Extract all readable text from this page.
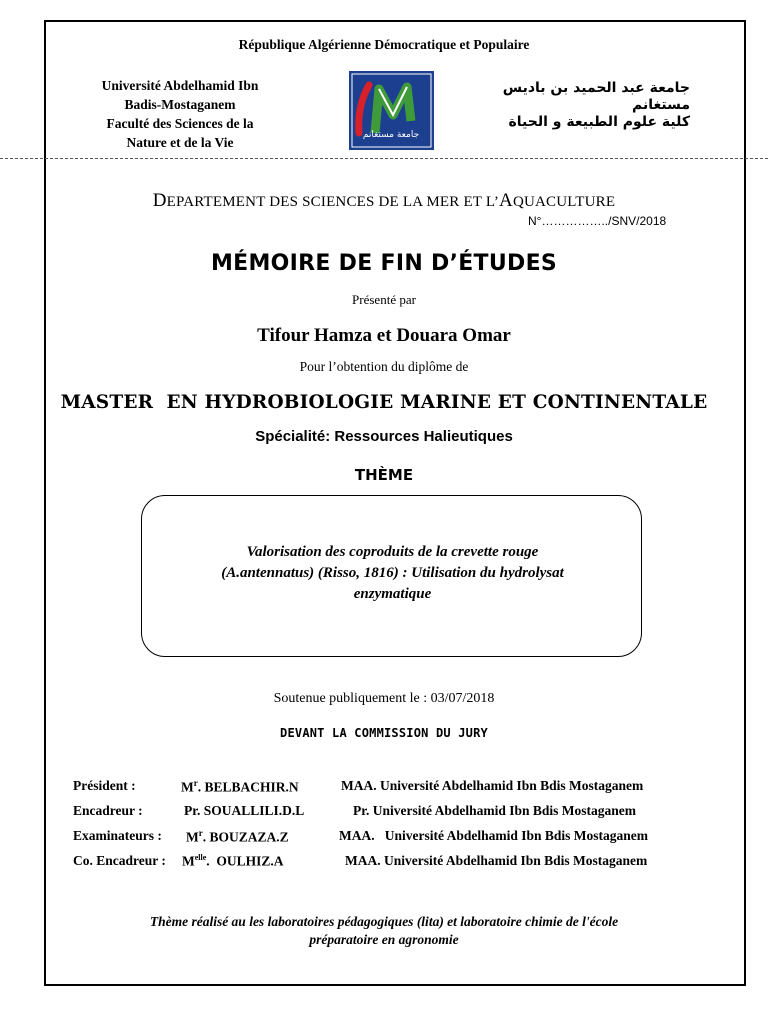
République Algérienne Démocratique et Populaire
Université Abdelhamid Ibn
Badis-Mostaganem
Faculté des Sciences de la
Nature et de la Vie	جامعة مستغانم
جامعة عبد الحميد بن باديس
مستغانم
كلية علوم الطبيعة و الحياة
DEPARTEMENT DES SCIENCES DE LA MER ET L’AQUACULTURE
N°……………../SNV/2018
MÉMOIRE DE FIN D’ÉTUDES
Présenté par
Tifour Hamza et Douara Omar
Pour l’obtention du diplôme de
MASTER  EN HYDROBIOLOGIE MARINE ET CONTINENTALE
Spécialité: Ressources Halieutiques
THÈME
Valorisation des coproduits de la crevette rouge
(A.antennatus) (Risso, 1816) : Utilisation du hydrolysat
enzymatique
Soutenue publiquement le : 03/07/2018
DEVANT LA COMMISSION DU JURY
Président :	$M^r$. BELBACHIR.N	MAA. Université Abdelhamid Ibn Bdis Mostaganem
Encadreur :	Pr. SOUALLILI.D.L	Pr. Université Abdelhamid Ibn Bdis Mostaganem
Examinateurs : $M^r$. BOUZAZA.Z	MAA.   Université Abdelhamid Ibn Bdis Mostaganem
Co. Encadreur : $M^{elle}$.  OULHIZ.A	MAA. Université Abdelhamid Ibn Bdis Mostaganem
Thème réalisé au les laboratoires pédagogiques (lita) et laboratoire chimie de l'école
préparatoire en agronomie
